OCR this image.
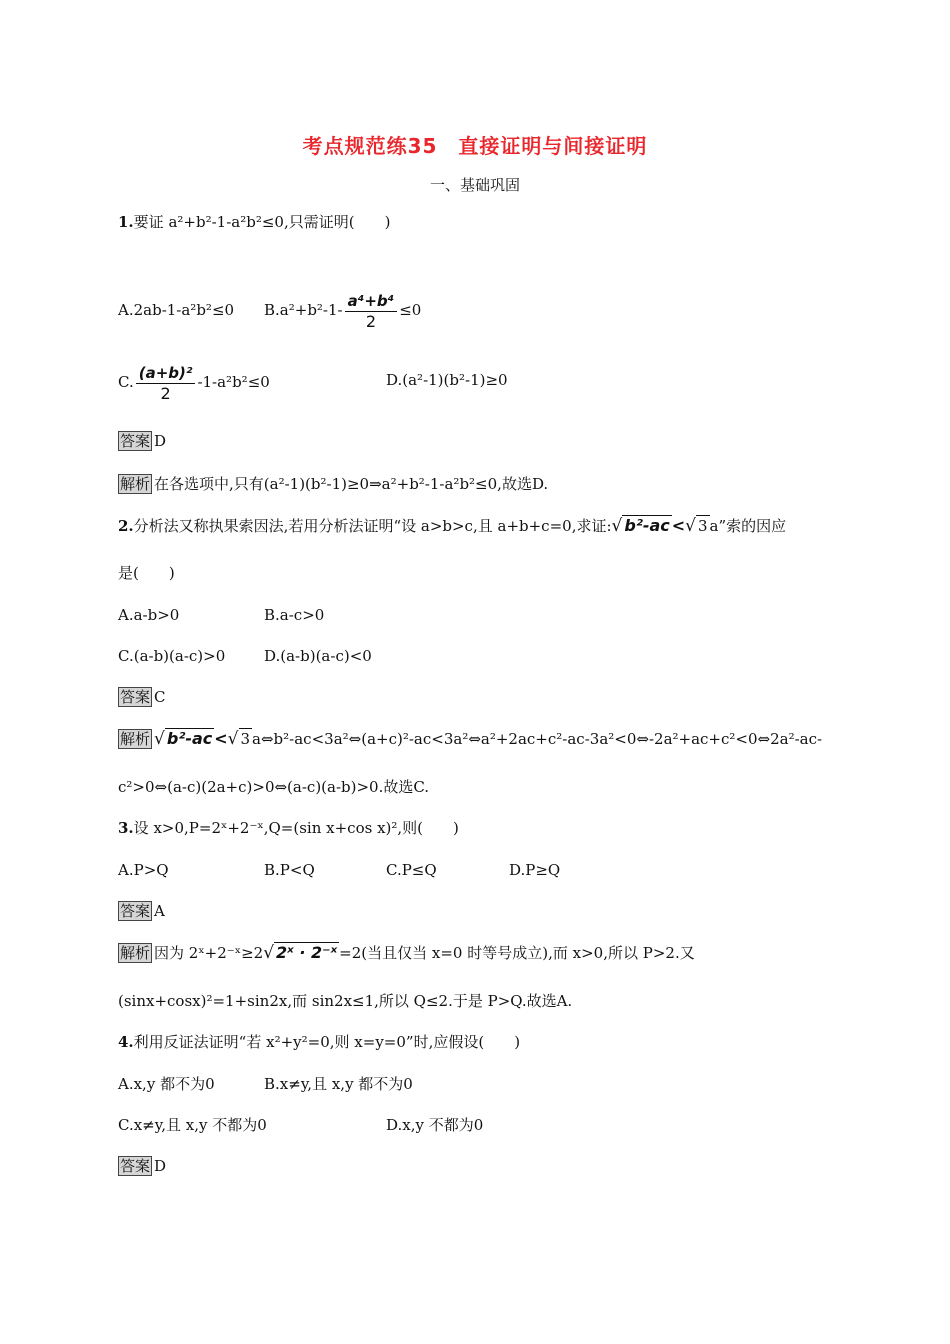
考点规范练35　直接证明与间接证明
一、基础巩固
1.要证 a²+b²-1-a²b²≤0,只需证明(　　)
A.2ab-1-a²b²≤0 $B.a^2+b^2-1- \frac{\text{a⁴+b⁴}}{2} \le 0$
C. $\frac{\text{(a+b)²}}{2} -1-a^2b^2\le 0$	D.(a²-1)(b²-1)≥0
答案 D
解析 在各选项中,只有(a²-1)(b²-1)≥0⇒a²+b²-1-a²b²≤0,故选D.
2.分析法又称执果索因法,若用分析法证明“设 a>b>c,且 a+b+c=0,求证:√ b²-ac <√ 3 a”索的因应
是(　　)
A.a-b>0	B.a-c>0
C.(a-b)(a-c)>0	D.(a-b)(a-c)<0
答案 C
解析 √ b²-ac <√ 3 a⇔b²-ac<3a²⇔(a+c)²-ac<3a²⇔a²+2ac+c²-ac-3a²<0⇔-2a²+ac+c²<0⇔2a²-ac-
c²>0⇔(a-c)(2a+c)>0⇔(a-c)(a-b)>0.故选C.
3.设 x>0,P=2ˣ+2⁻ˣ,Q=(sin x+cos x)²,则(　　)
A.P>Q	B.P<Q	C.P≤Q	D.P≥Q
答案 A
解析 因为 2ˣ+2⁻ˣ≥2√ 2ˣ · 2⁻ˣ =2(当且仅当 x=0 时等号成立),而 x>0,所以 P>2.又
(sinx+cosx)²=1+sin2x,而 sin2x≤1,所以 Q≤2.于是 P>Q.故选A.
4.利用反证法证明“若 x²+y²=0,则 x=y=0”时,应假设(　　)
A.x,y 都不为0	B.x≠y,且 x,y 都不为0
C.x≠y,且 x,y 不都为0	D.x,y 不都为0
答案 D
